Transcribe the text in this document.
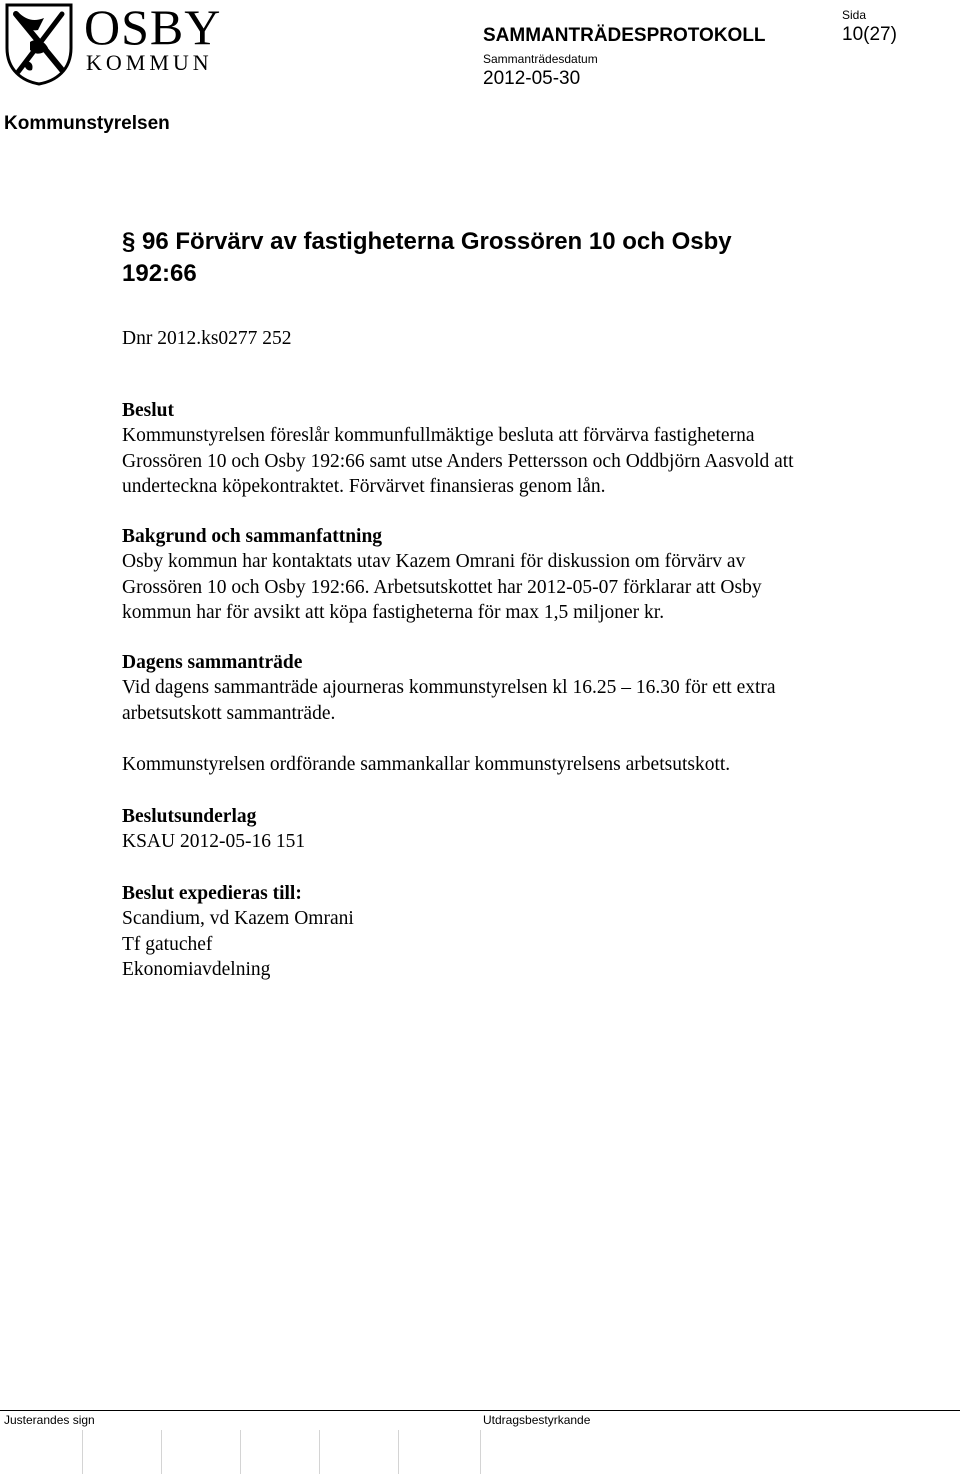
OSBY
KOMMUN
SAMMANTRÄDESPROTOKOLL
Sammanträdesdatum
2012-05-30
Sida
10(27)
Kommunstyrelsen
§ 96 Förvärv av fastigheterna Grossören 10 och Osby
192:66

Dnr 2012.ks0277 252

Beslut

Kommunstyrelsen föreslår kommunfullmäktige besluta att förvärva fastigheterna Grossören 10 och Osby 192:66 samt utse Anders Pettersson och Oddbjörn Aasvold att underteckna köpekontraktet. Förvärvet finansieras genom lån.

Bakgrund och sammanfattning

Osby kommun har kontaktats utav Kazem Omrani för diskussion om förvärv av Grossören 10 och Osby 192:66. Arbetsutskottet har 2012-05-07 förklarar att Osby kommun har för avsikt att köpa fastigheterna för max 1,5 miljoner kr.

Dagens sammanträde

Vid dagens sammanträde ajourneras kommunstyrelsen kl 16.25 – 16.30 för ett extra arbetsutskott sammanträde.

Kommunstyrelsen ordförande sammankallar kommunstyrelsens arbetsutskott.

Beslutsunderlag

KSAU 2012-05-16 151

Beslut expedieras till:

Scandium, vd Kazem Omrani

Tf gatuchef

Ekonomiavdelning

Justerandes sign	Utdragsbestyrkande
